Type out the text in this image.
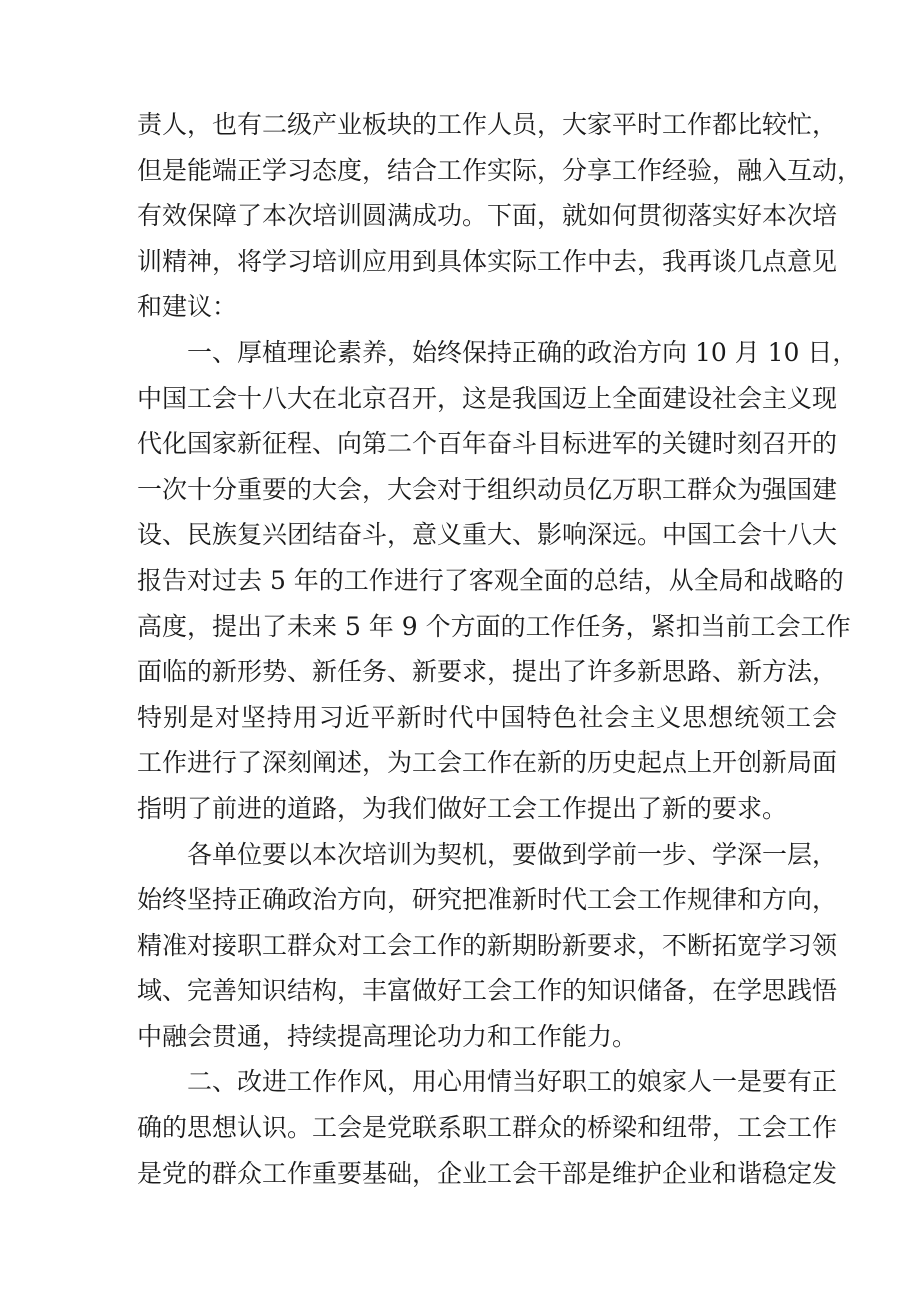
责人，也有二级产业板块的工作人员，大家平时工作都比较忙，
但是能端正学习态度，结合工作实际，分享工作经验，融入互动，
有效保障了本次培训圆满成功。下面，就如何贯彻落实好本次培
训精神，将学习培训应用到具体实际工作中去，我再谈几点意见
和建议：
一、厚植理论素养，始终保持正确的政治方向 10 月 10 日，
中国工会十八大在北京召开，这是我国迈上全面建设社会主义现
代化国家新征程、向第二个百年奋斗目标进军的关键时刻召开的
一次十分重要的大会，大会对于组织动员亿万职工群众为强国建
设、民族复兴团结奋斗，意义重大、影响深远。中国工会十八大
报告对过去 5 年的工作进行了客观全面的总结，从全局和战略的
高度，提出了未来 5 年 9 个方面的工作任务，紧扣当前工会工作
面临的新形势、新任务、新要求，提出了许多新思路、新方法，
特别是对坚持用习近平新时代中国特色社会主义思想统领工会
工作进行了深刻阐述，为工会工作在新的历史起点上开创新局面
指明了前进的道路，为我们做好工会工作提出了新的要求。
各单位要以本次培训为契机，要做到学前一步、学深一层，
始终坚持正确政治方向，研究把准新时代工会工作规律和方向，
精准对接职工群众对工会工作的新期盼新要求，不断拓宽学习领
域、完善知识结构，丰富做好工会工作的知识储备，在学思践悟
中融会贯通，持续提高理论功力和工作能力。
二、改进工作作风，用心用情当好职工的娘家人一是要有正
确的思想认识。工会是党联系职工群众的桥梁和纽带，工会工作
是党的群众工作重要基础，企业工会干部是维护企业和谐稳定发
